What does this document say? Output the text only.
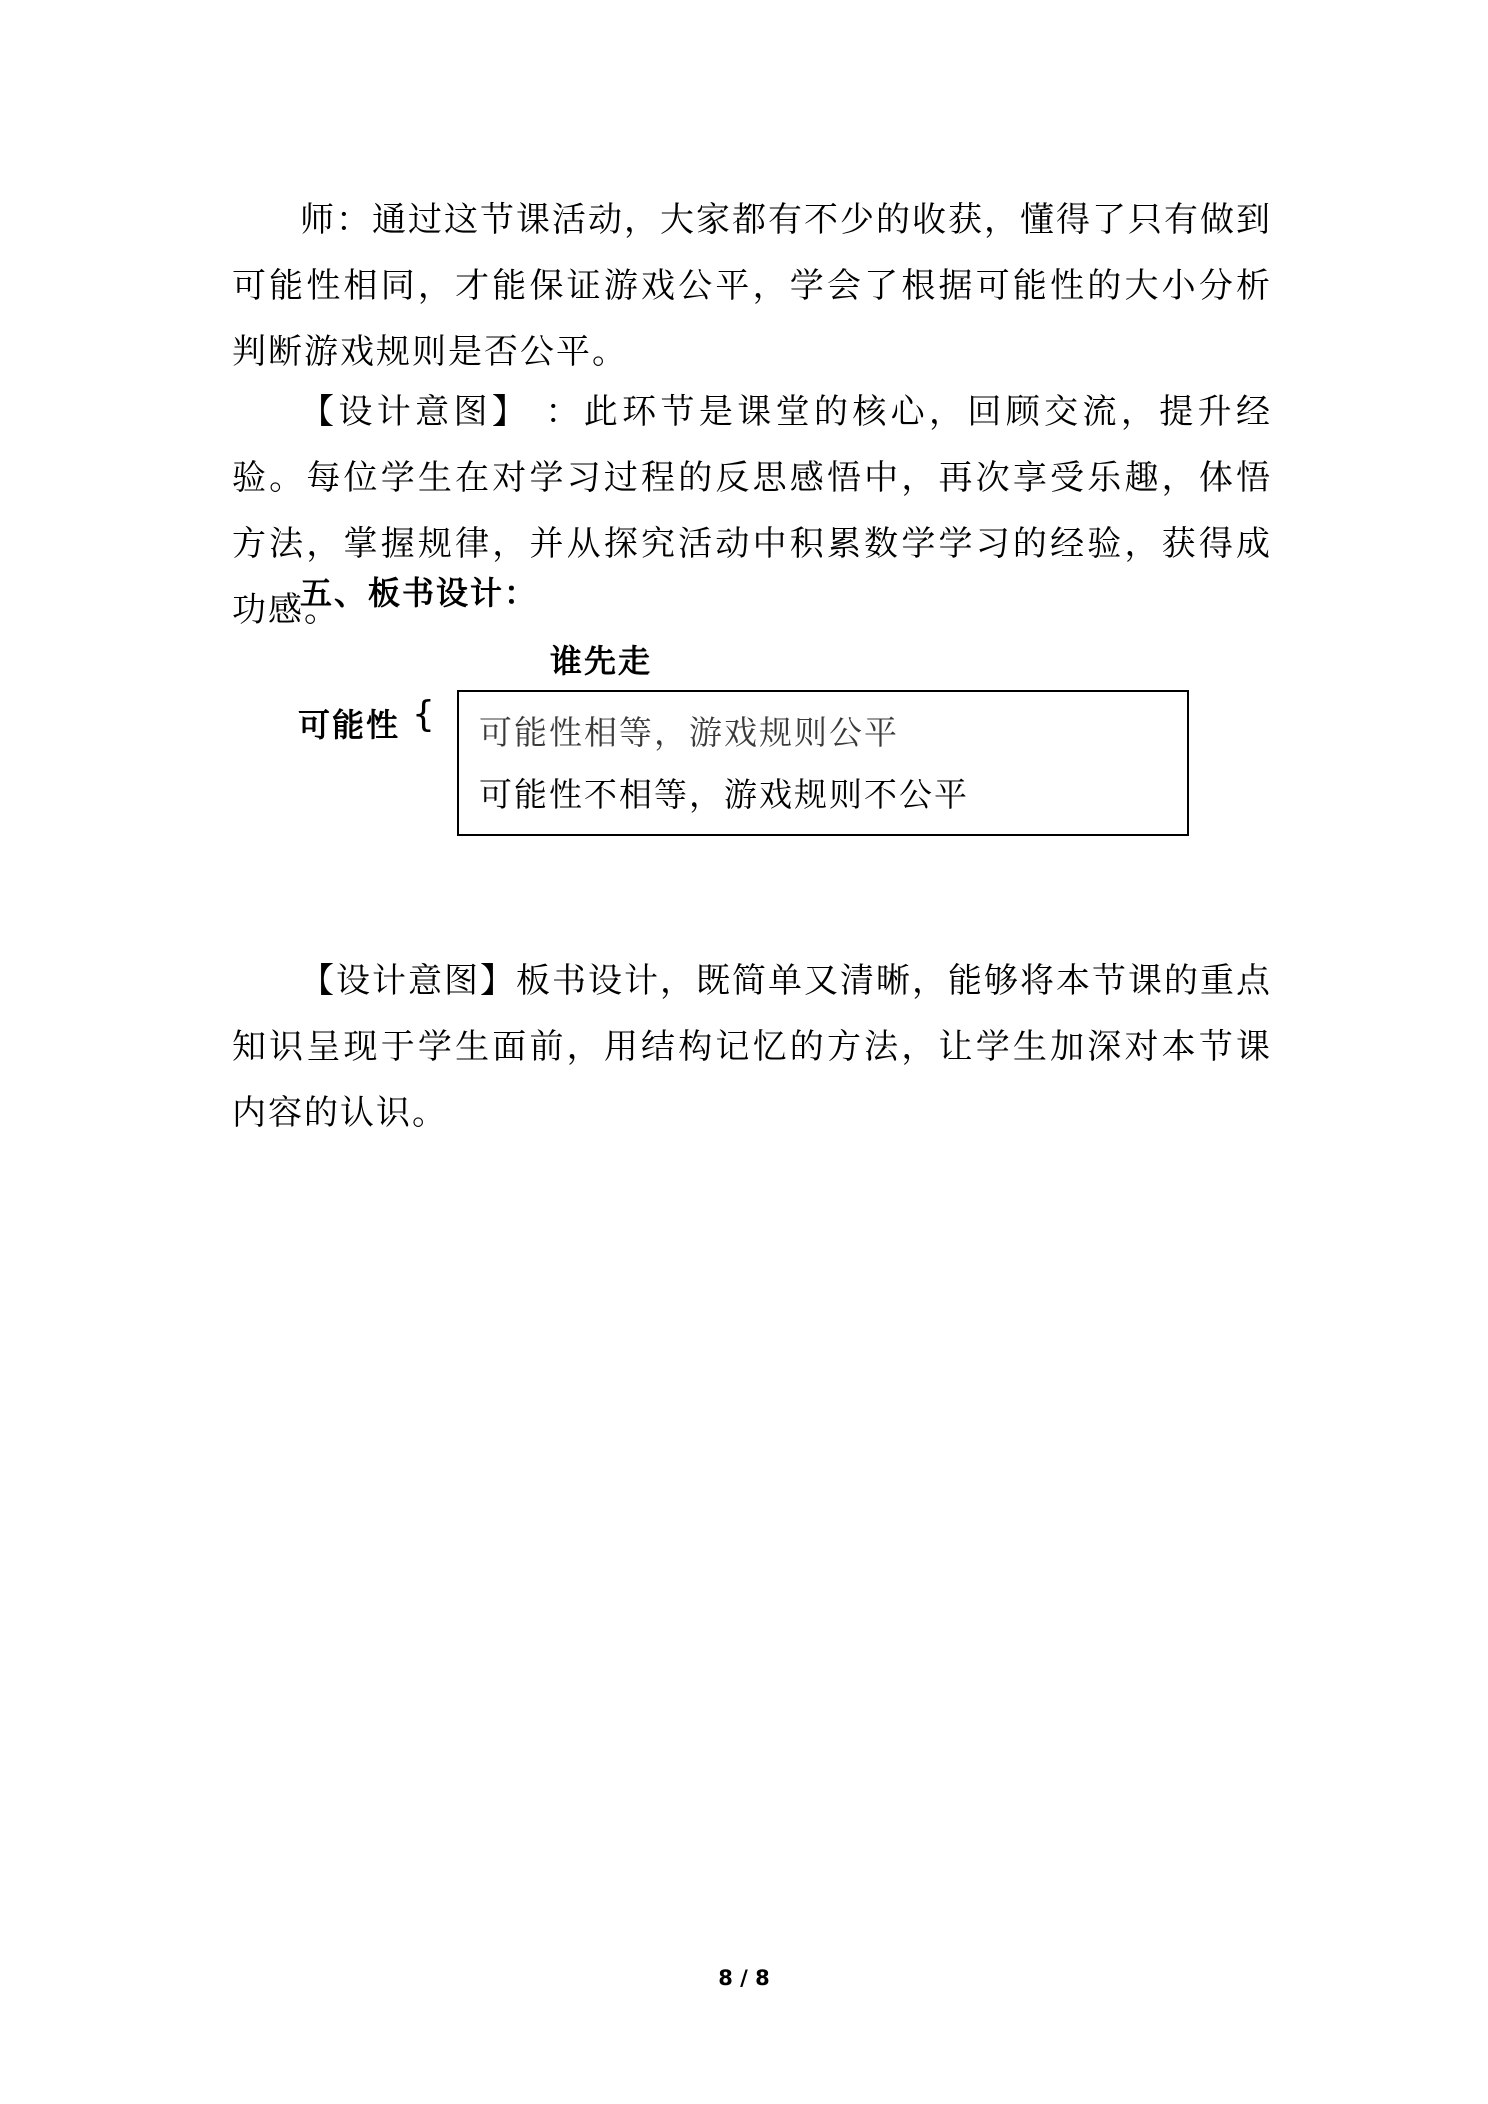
师：通过这节课活动，大家都有不少的收获，懂得了只有做到可能性相同，才能保证游戏公平，学会了根据可能性的大小分析判断游戏规则是否公平。

【设计意图】 ：此环节是课堂的核心，回顾交流，提升经验。每位学生在对学习过程的反思感悟中，再次享受乐趣，体悟方法，掌握规律，并从探究活动中积累数学学习的经验，获得成功感。

五、板书设计：

谁先走
可能性 { 可能性相等，游戏规则公平
可能性不相等，游戏规则不公平

【设计意图】板书设计，既简单又清晰，能够将本节课的重点知识呈现于学生面前，用结构记忆的方法，让学生加深对本节课内容的认识。

8 / 8
